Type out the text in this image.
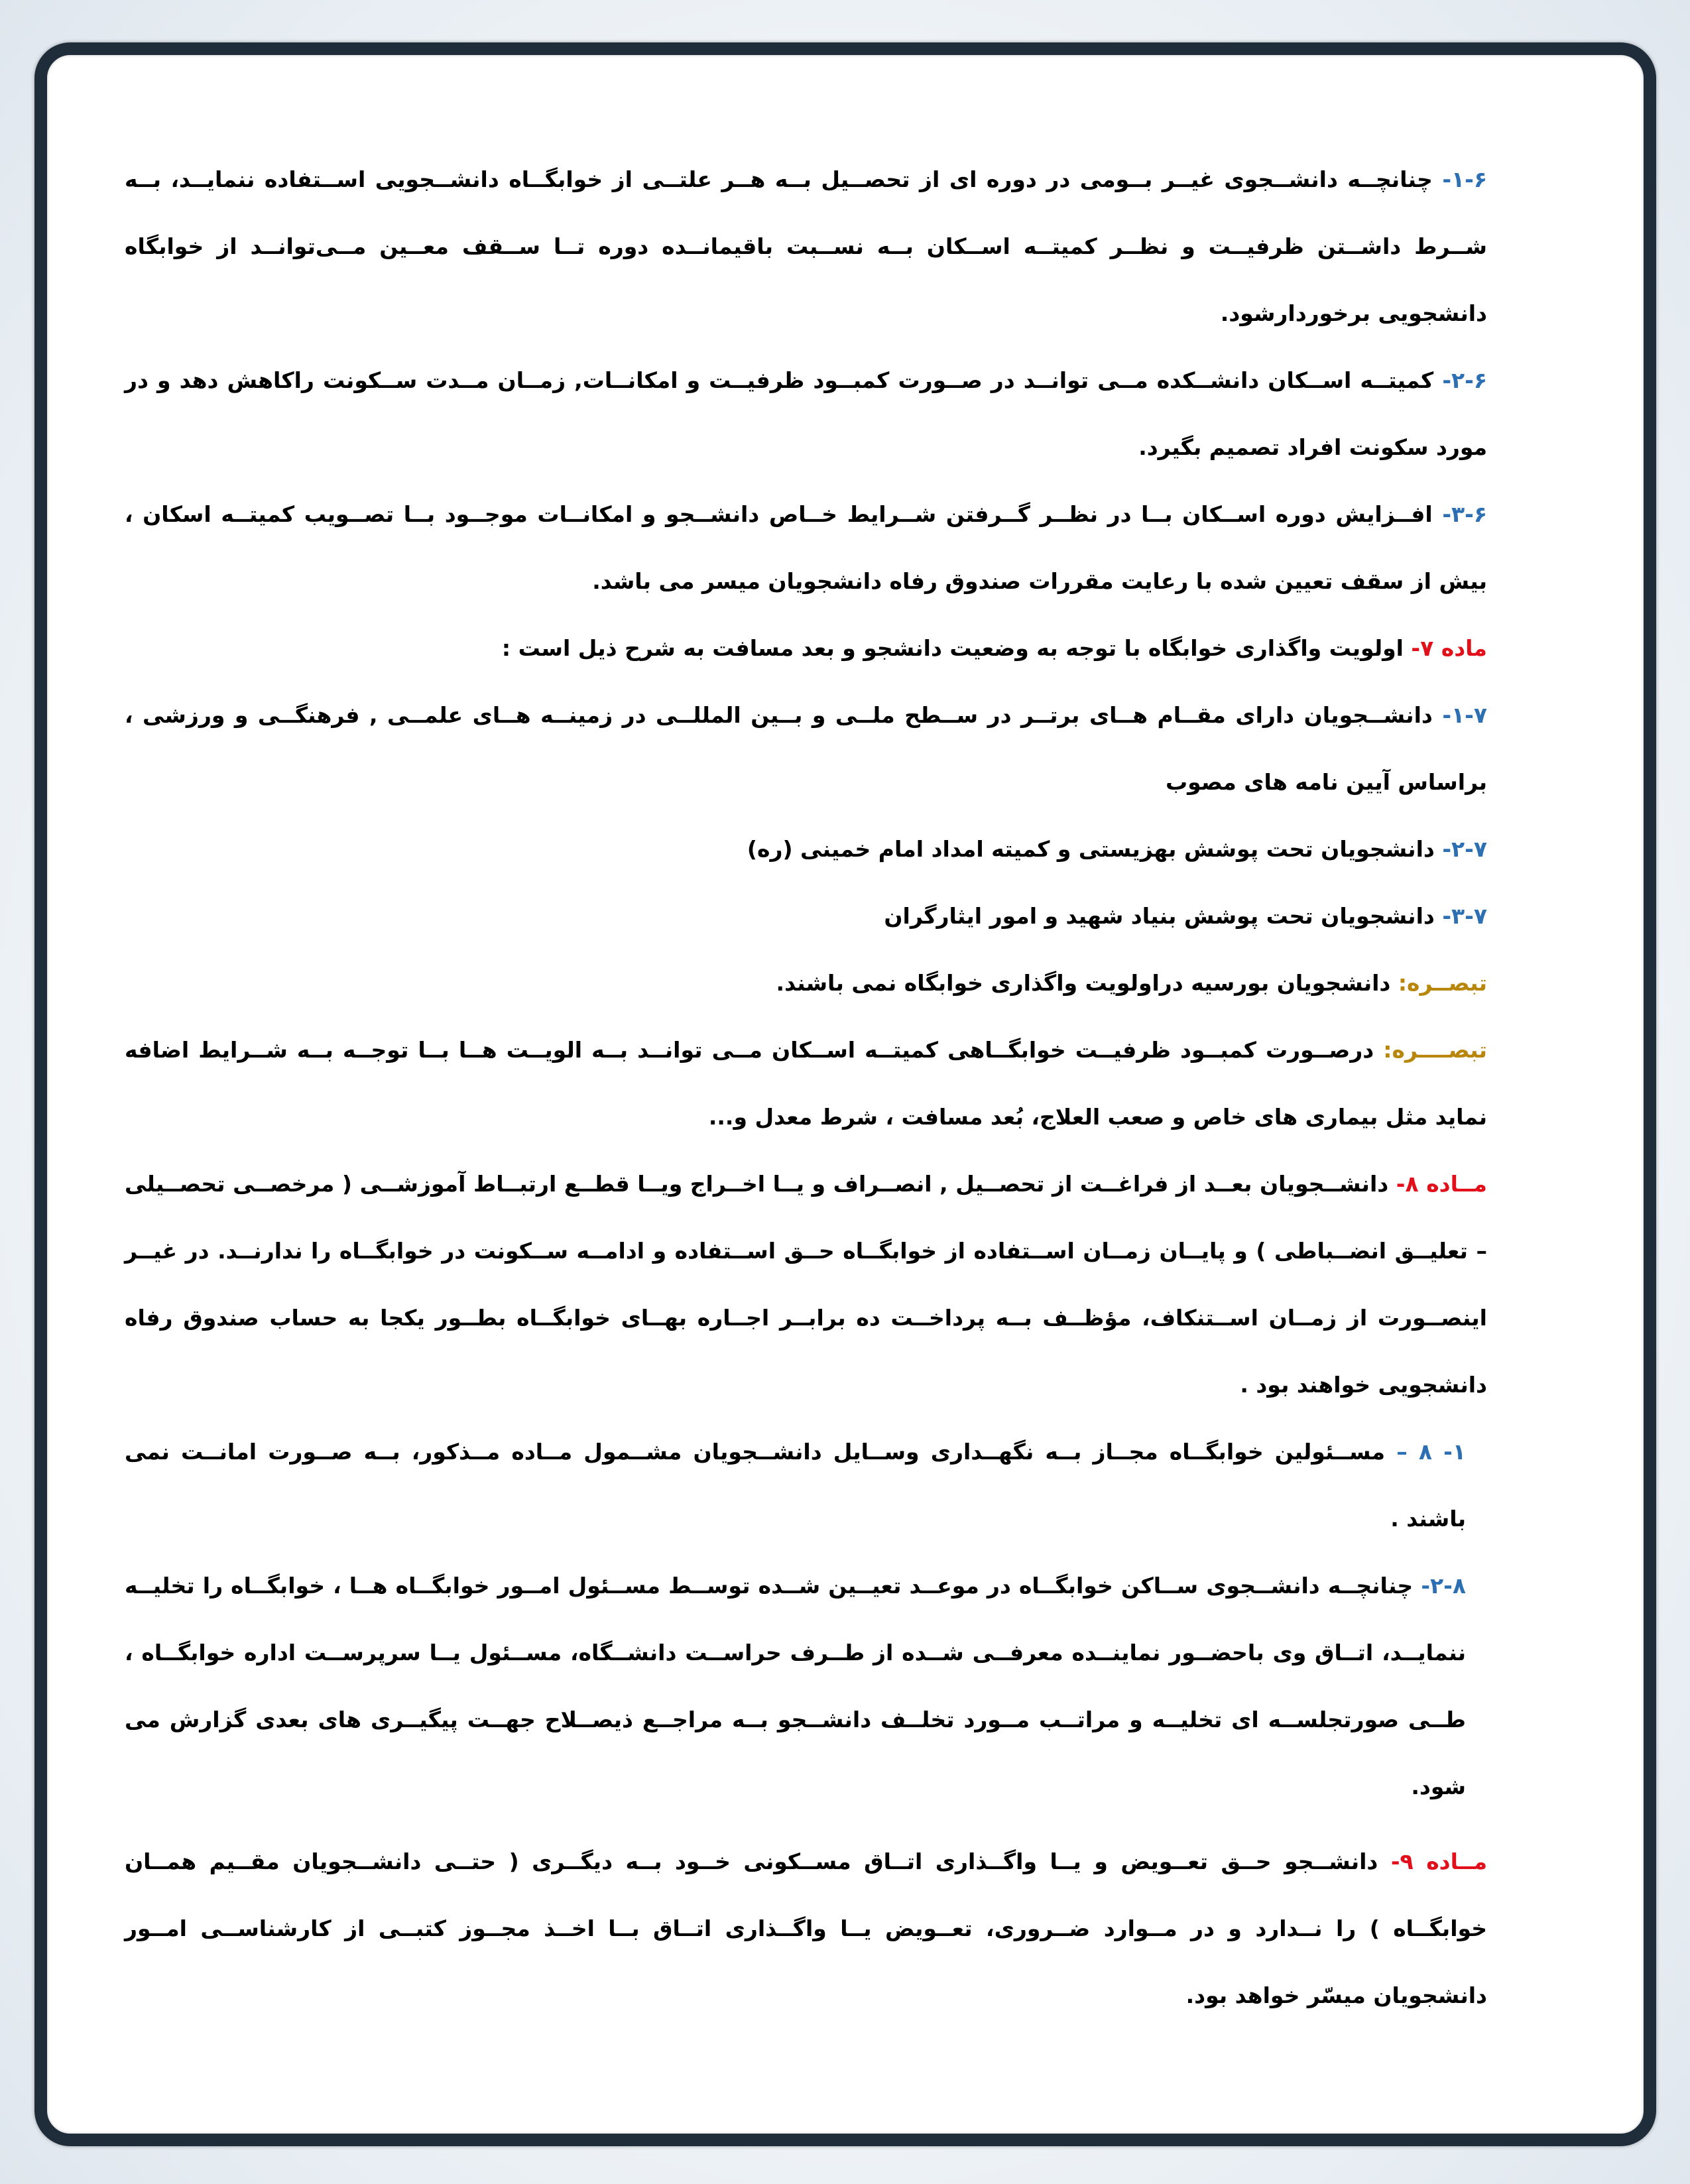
۱-۶- چنانچــه دانشــجوی غیــر بــومی در دوره ای از تحصــیل بــه هــر علتــی از خوابگــاه دانشــجویی اســتفاده ننمایــد، بــه شــرط داشــتن ظرفیــت و نظــر کمیتــه اســکان بــه نســبت باقیمانــده دوره تــا ســقف معــین مــی‌توانــد از خوابگاه دانشجویی برخوردارشود.

۲-۶- کمیتــه اســکان دانشــکده مــی توانــد در صــورت کمبــود ظرفیــت و امکانــات, زمــان مــدت ســکونت راکاهش دهد و در مورد سکونت افراد تصمیم بگیرد.

۳-۶- افــزایش دوره اســکان بــا در نظــر گــرفتن شــرایط خــاص دانشــجو و امکانــات موجــود بــا تصــویب کمیتــه اسکان ، بیش از سقف تعیین شده با رعایت مقررات صندوق رفاه دانشجویان میسر می باشد.

ماده ۷- اولویت واگذاری خوابگاه با توجه به وضعیت دانشجو و بعد مسافت به شرح ذیل است :

۱-۷- دانشــجویان دارای مقــام هــای برتــر در ســطح ملــی و بــین المللــی در زمینــه هــای علمــی , فرهنگــی و ورزشی ، براساس آیین نامه های مصوب

۲-۷- دانشجویان تحت پوشش بهزیستی و کمیته امداد امام خمینی (ره)

۳-۷- دانشجویان تحت پوشش بنیاد شهید و امور ایثارگران

تبصــره: دانشجویان بورسیه دراولویت واگذاری خوابگاه نمی باشند.

تبصــــره: درصــورت کمبــود ظرفیــت خوابگــاهی کمیتــه اســکان مــی توانــد بــه الویــت هــا بــا توجــه بــه شــرایط اضافه نماید مثل بیماری های خاص و صعب العلاج، بُعد مسافت ، شرط معدل و...

مــاده ۸- دانشــجویان بعــد از فراغــت از تحصــیل , انصــراف و یــا اخــراج ویــا قطــع ارتبــاط آموزشــی ( مرخصــی تحصــیلی – تعلیــق انضــباطی ) و پایــان زمــان اســتفاده از خوابگــاه حــق اســتفاده و ادامــه ســکونت در خوابگــاه را ندارنــد. در غیــر اینصــورت از زمــان اســتنکاف، مؤظــف بــه پرداخــت ده برابــر اجــاره بهــای خوابگــاه بطــور یکجا به حساب صندوق رفاه دانشجویی خواهند بود .

۱- ۸ – مســئولین خوابگــاه مجــاز بــه نگهــداری وســایل دانشــجویان مشــمول مــاده مــذکور، بــه صــورت امانــت نمی باشند .

۲-۸- چنانچــه دانشــجوی ســاکن خوابگــاه در موعــد تعیــین شــده توســط مســئول امــور خوابگــاه هــا ، خوابگــاه را تخلیــه ننمایــد، اتــاق وی باحضــور نماینــده معرفــی شــده از طــرف حراســت دانشــگاه، مســئول یــا سرپرســت اداره خوابگــاه ، طــی صورتجلســه ای تخلیــه و مراتــب مــورد تخلــف دانشــجو بــه مراجــع ذیصــلاح جهــت پیگیــری های بعدی گزارش می شود.

مــاده ۹- دانشــجو حــق تعــویض و یــا واگــذاری اتــاق مســکونی خــود بــه دیگــری ( حتــی دانشــجویان مقــیم همــان خوابگــاه ) را نــدارد و در مــوارد ضــروری، تعــویض یــا واگــذاری اتــاق بــا اخــذ مجــوز کتبــی از کارشناســی امــور دانشجویان میسّر خواهد بود.
